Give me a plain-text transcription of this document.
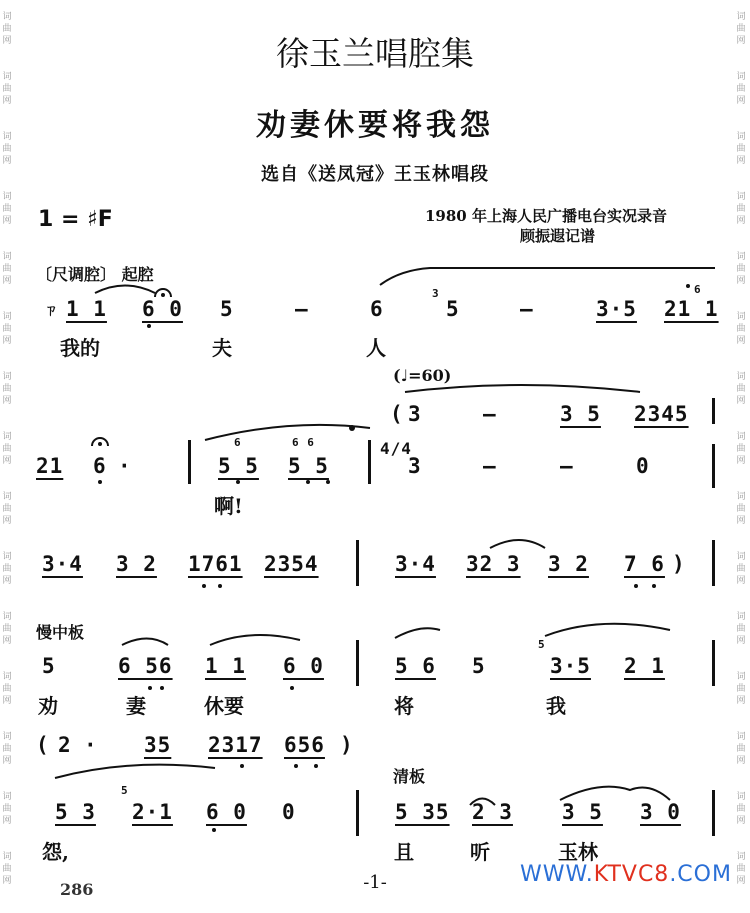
词
曲
网
词
曲
网
词
曲
网
词
曲
网
词
曲
网
词
曲
网
词
曲
网
词
曲
网
词
曲
网
词
曲
网
词
曲
网
词
曲
网
词
曲
网
词
曲
网
词
曲
网
词
曲
网
词
曲
网
词
曲
网
词
曲
网
词
曲
网
词
曲
网
词
曲
网
词
曲
网
词
曲
网
词
曲
网
词
曲
网
词
曲
网
词
曲
网
词
曲
网
词
曲
网
徐玉兰唱腔集
劝妻休要将我怨
选自《送凤冠》王玉林唱段
1 = ♯F	1980 年上海人民广播电台实况录音
顾振遐记谱
〔尺调腔〕 起腔
ㄗ 1 1 6 0 5	–	6
3
5	–	3·5
6
21 1
我的	夫	人
(♩=60)
( 3	–	3 5 2345
21 6 ·
6
5 5
6 6
5 5
4/4
3	–	–	0
啊!
3·4 3 2 1761 2354	3·4 32 3 3 2 7 6 )
慢中板
5	6 56 1 1 6 0	5 6 5
5
3·5 2 1
劝	妻	休要	将	我
( 2 · 35 2317 656 )
清板
5 3
5
2·1 6 0 0	5 35 2 3 3 5 3 0
怨,	且	听	玉林
286	-1-	WWW.KTVC8.COM
